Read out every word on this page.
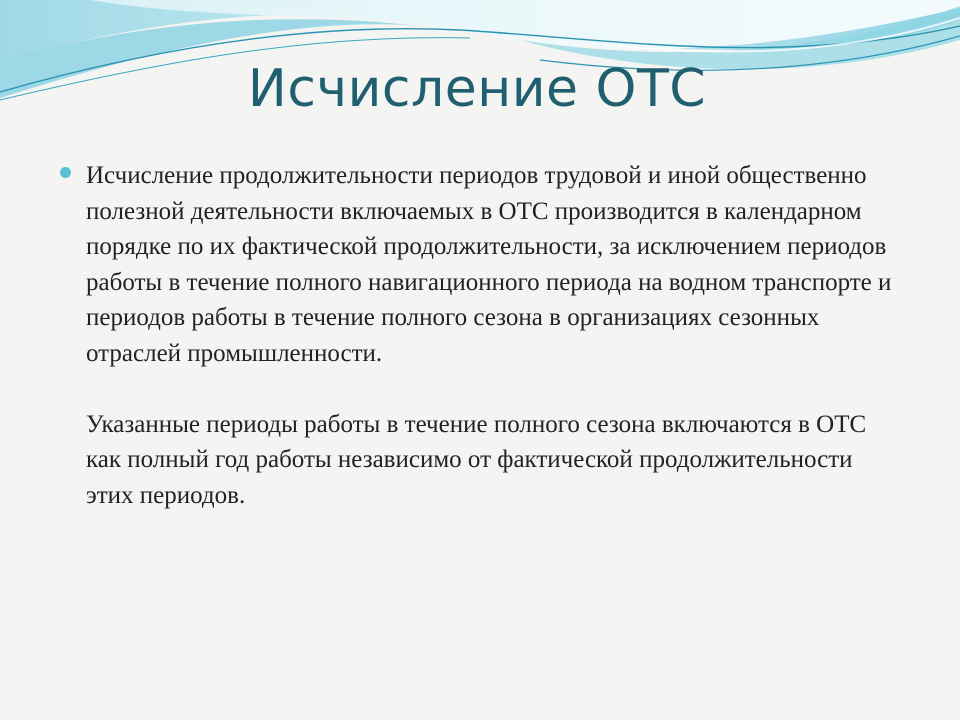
Исчисление ОТС

Исчисление продолжительности периодов трудовой и иной общественно полезной деятельности включаемых в ОТС производится в календарном порядке по их фактической продолжительности, за исключением периодов работы в течение полного навигационного периода на водном транспорте и периодов работы в течение полного сезона в организациях сезонных отраслей промышленности.

Указанные периоды работы в течение полного сезона включаются в ОТС как полный год работы независимо от фактической продолжительности этих периодов.
